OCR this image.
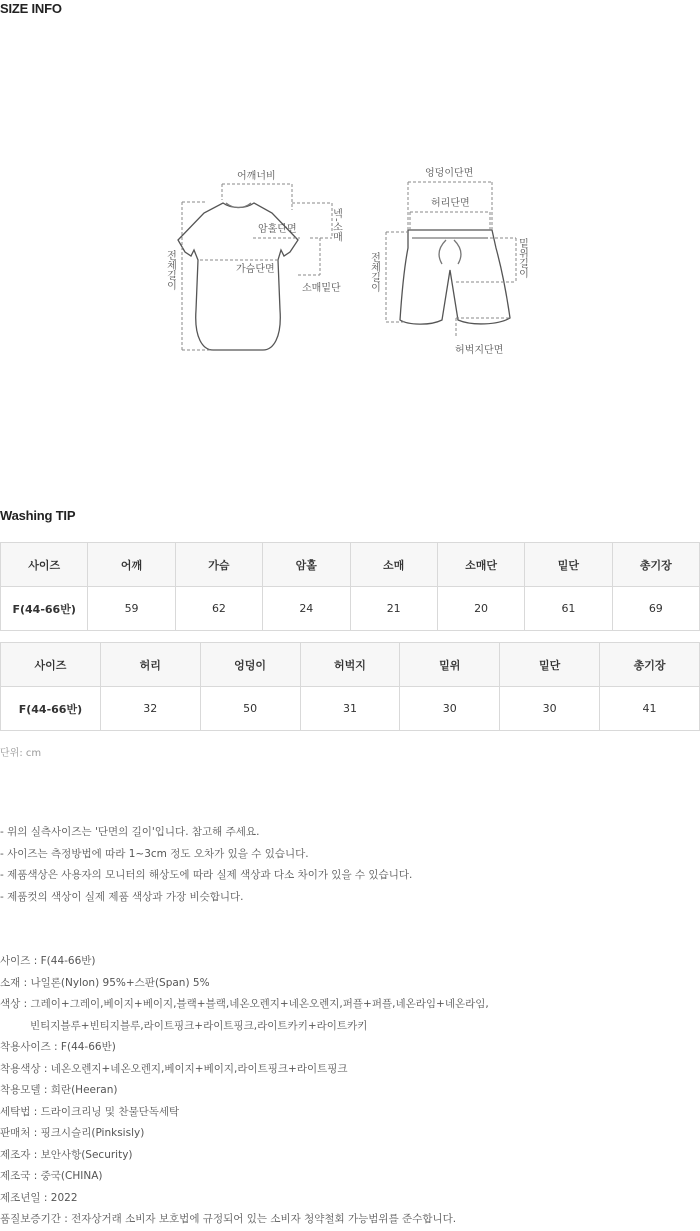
SIZE INFO
어깨너비
암홀단면
가슴단면
소매밑단
넥-소매
전체길이
엉덩이단면
허리단면
전체길이	밑위길이
허벅지단면
Washing TIP
사이즈	어깨	가슴	암홀	소매	소매단	밑단	총기장
F(44-66반)	59	62	24	21	20	61	69
사이즈	허리	엉덩이	허벅지	밑위	밑단	총기장
F(44-66반)	32	50	31	30	30	41
단위: cm
- 위의 실측사이즈는 '단면의 길이'입니다. 참고해 주세요.
- 사이즈는 측정방법에 따라 1~3cm 정도 오차가 있을 수 있습니다.
- 제품색상은 사용자의 모니터의 해상도에 따라 실제 색상과 다소 차이가 있을 수 있습니다.
- 제품컷의 색상이 실제 제품 색상과 가장 비슷합니다.
사이즈 : F(44-66반)
소재 : 나일론(Nylon) 95%+스판(Span) 5%
색상 : 그레이+그레이,베이지+베이지,블랙+블랙,네온오렌지+네온오렌지,퍼플+퍼플,네온라임+네온라임,
빈티지블루+빈티지블루,라이트핑크+라이트핑크,라이트카키+라이트카키
착용사이즈 : F(44-66반)
착용색상 : 네온오렌지+네온오렌지,베이지+베이지,라이트핑크+라이트핑크
착용모델 : 희란(Heeran)
세탁법 : 드라이크리닝 및 찬물단독세탁
판매처 : 핑크시슬리(Pinksisly)
제조자 : 보안사항(Security)
제조국 : 중국(CHINA)
제조년일 : 2022
품질보증기간 : 전자상거래 소비자 보호법에 규정되어 있는 소비자 청약철회 가능범위를 준수합니다.
